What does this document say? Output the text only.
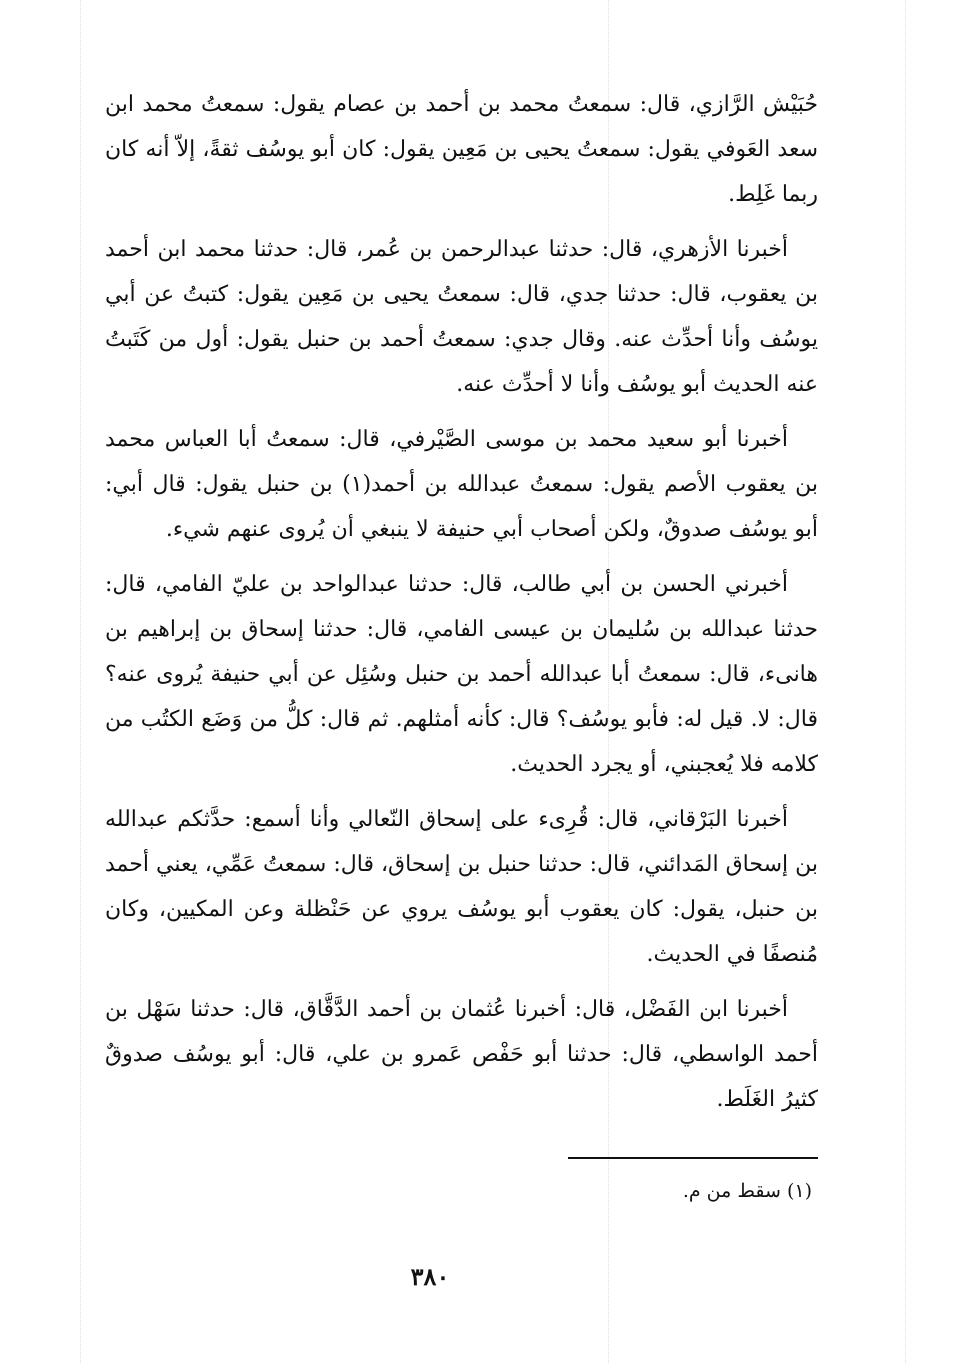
حُبَيْش الرَّازي، قال: سمعتُ محمد بن أحمد بن عصام يقول: سمعتُ محمد ابن سعد العَوفي يقول: سمعتُ يحيى بن مَعِين يقول: كان أبو يوسُف ثقةً، إلاّ أنه كان ربما غَلِط.

أخبرنا الأزهري، قال: حدثنا عبدالرحمن بن عُمر، قال: حدثنا محمد ابن أحمد بن يعقوب، قال: حدثنا جدي، قال: سمعتُ يحيى بن مَعِين يقول: كتبتُ عن أبي يوسُف وأنا أحدِّث عنه. وقال جدي: سمعتُ أحمد بن حنبل يقول: أول من كَتَبتُ عنه الحديث أبو يوسُف وأنا لا أحدِّث عنه.

أخبرنا أبو سعيد محمد بن موسى الصَّيْرفي، قال: سمعتُ أبا العباس محمد بن يعقوب الأصم يقول: سمعتُ عبدالله بن أحمد(١) بن حنبل يقول: قال أبي: أبو يوسُف صدوقٌ، ولكن أصحاب أبي حنيفة لا ينبغي أن يُروى عنهم شيء.

أخبرني الحسن بن أبي طالب، قال: حدثنا عبدالواحد بن عليّ الفامي، قال: حدثنا عبدالله بن سُليمان بن عيسى الفامي، قال: حدثنا إسحاق بن إبراهيم بن هانىء، قال: سمعتُ أبا عبدالله أحمد بن حنبل وسُئِل عن أبي حنيفة يُروى عنه؟ قال: لا. قيل له: فأبو يوسُف؟ قال: كأنه أمثلهم. ثم قال: كلُّ من وَضَع الكتُب من كلامه فلا يُعجبني، أو يجرد الحديث.

أخبرنا البَرْقاني، قال: قُرِىء على إسحاق النّعالي وأنا أسمع: حدَّثكم عبدالله بن إسحاق المَدائني، قال: حدثنا حنبل بن إسحاق، قال: سمعتُ عَمِّي، يعني أحمد بن حنبل، يقول: كان يعقوب أبو يوسُف يروي عن حَنْظلة وعن المكيين، وكان مُنصفًا في الحديث.

أخبرنا ابن الفَضْل، قال: أخبرنا عُثمان بن أحمد الدَّقَّاق، قال: حدثنا سَهْل بن أحمد الواسطي، قال: حدثنا أبو حَفْص عَمرو بن علي، قال: أبو يوسُف صدوقٌ كثيرُ الغَلَط.

(١) سقط من م.
٣٨٠
